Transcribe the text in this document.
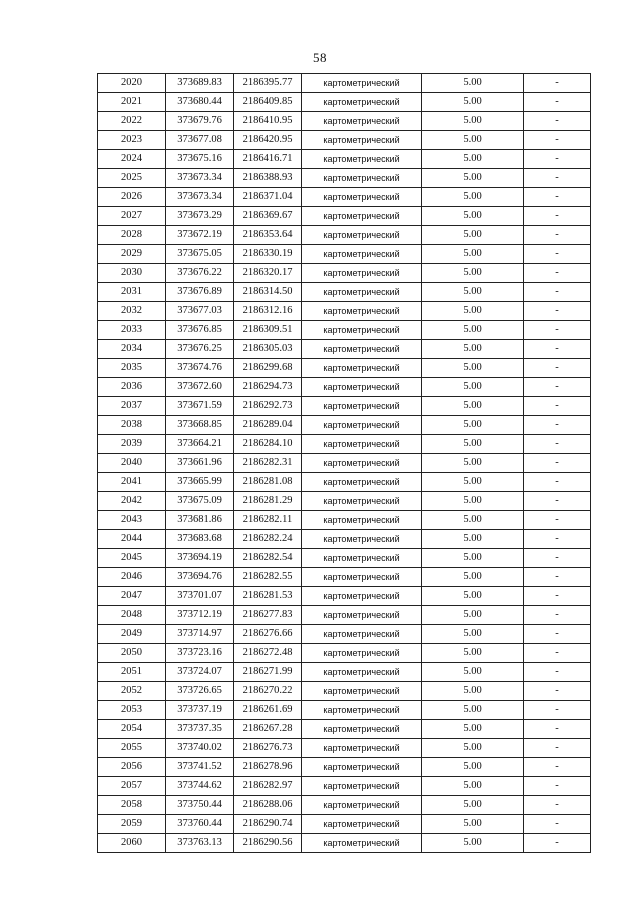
58
2020	373689.83	2186395.77	картометрический	5.00	-
2021	373680.44	2186409.85	картометрический	5.00	-
2022	373679.76	2186410.95	картометрический	5.00	-
2023	373677.08	2186420.95	картометрический	5.00	-
2024	373675.16	2186416.71	картометрический	5.00	-
2025	373673.34	2186388.93	картометрический	5.00	-
2026	373673.34	2186371.04	картометрический	5.00	-
2027	373673.29	2186369.67	картометрический	5.00	-
2028	373672.19	2186353.64	картометрический	5.00	-
2029	373675.05	2186330.19	картометрический	5.00	-
2030	373676.22	2186320.17	картометрический	5.00	-
2031	373676.89	2186314.50	картометрический	5.00	-
2032	373677.03	2186312.16	картометрический	5.00	-
2033	373676.85	2186309.51	картометрический	5.00	-
2034	373676.25	2186305.03	картометрический	5.00	-
2035	373674.76	2186299.68	картометрический	5.00	-
2036	373672.60	2186294.73	картометрический	5.00	-
2037	373671.59	2186292.73	картометрический	5.00	-
2038	373668.85	2186289.04	картометрический	5.00	-
2039	373664.21	2186284.10	картометрический	5.00	-
2040	373661.96	2186282.31	картометрический	5.00	-
2041	373665.99	2186281.08	картометрический	5.00	-
2042	373675.09	2186281.29	картометрический	5.00	-
2043	373681.86	2186282.11	картометрический	5.00	-
2044	373683.68	2186282.24	картометрический	5.00	-
2045	373694.19	2186282.54	картометрический	5.00	-
2046	373694.76	2186282.55	картометрический	5.00	-
2047	373701.07	2186281.53	картометрический	5.00	-
2048	373712.19	2186277.83	картометрический	5.00	-
2049	373714.97	2186276.66	картометрический	5.00	-
2050	373723.16	2186272.48	картометрический	5.00	-
2051	373724.07	2186271.99	картометрический	5.00	-
2052	373726.65	2186270.22	картометрический	5.00	-
2053	373737.19	2186261.69	картометрический	5.00	-
2054	373737.35	2186267.28	картометрический	5.00	-
2055	373740.02	2186276.73	картометрический	5.00	-
2056	373741.52	2186278.96	картометрический	5.00	-
2057	373744.62	2186282.97	картометрический	5.00	-
2058	373750.44	2186288.06	картометрический	5.00	-
2059	373760.44	2186290.74	картометрический	5.00	-
2060	373763.13	2186290.56	картометрический	5.00	-
